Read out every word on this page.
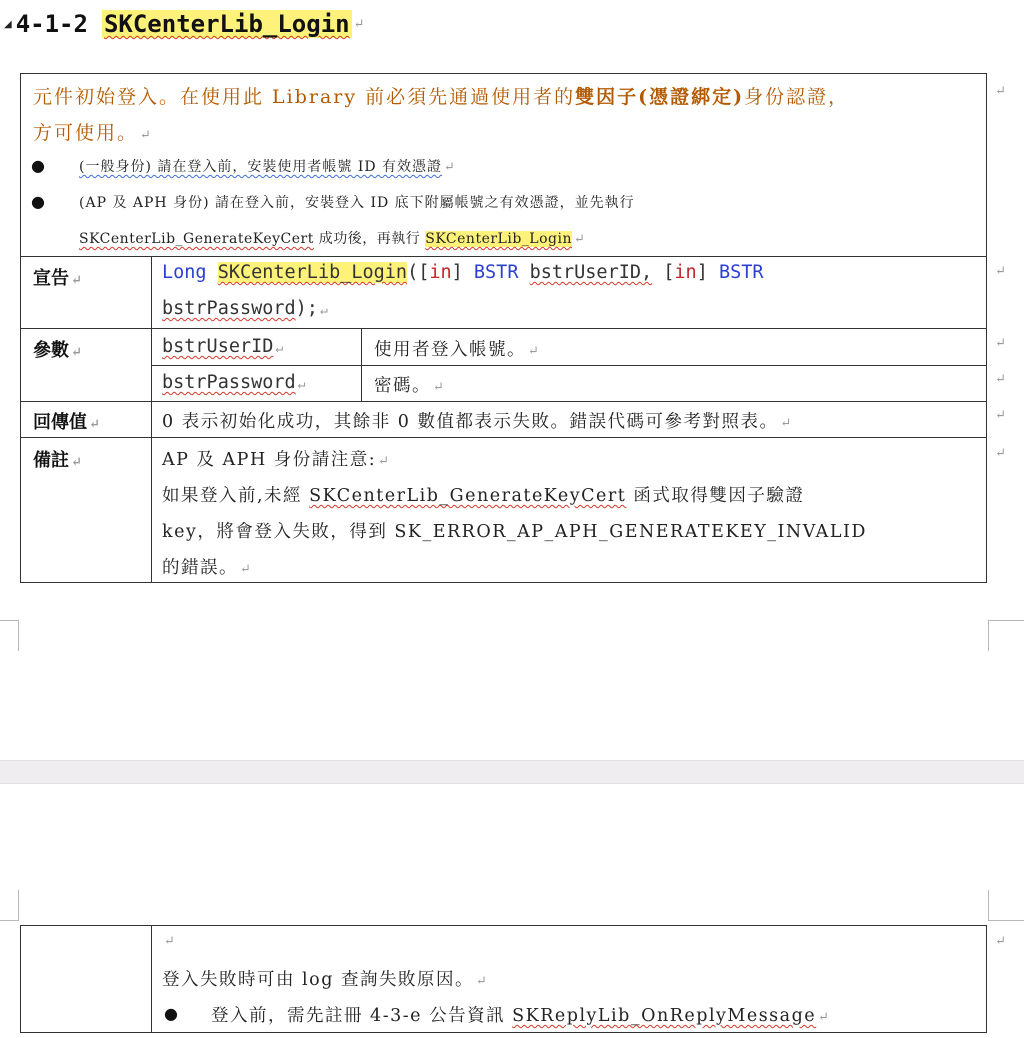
◢ 4-1-2 SKCenterLib_Login ↵
元件初始登入。在使用此 Library 前必須先通過使用者的雙因子(憑證綁定)身份認證，
方可使用。 ↵
● (一般身份) 請在登入前，安裝使用者帳號 ID 有效憑證 ↵
● (AP 及 APH 身份) 請在登入前，安裝登入 ID 底下附屬帳號之有效憑證，並先執行
SKCenterLib_GenerateKeyCert 成功後，再執行 SKCenterLib_Login ↵
↵
宣告 ↵	Long SKCenterLib_Login([in] BSTR bstrUserID, [in] BSTR
bstrPassword); ↵
↵
參數 ↵	bstrUserID ↵	使用者登入帳號。 ↵
bstrPassword ↵	密碼。 ↵
↵
↵
回傳值 ↵	0 表示初始化成功，其餘非 0 數值都表示失敗。錯誤代碼可參考對照表。 ↵
↵
備註 ↵	AP 及 APH 身份請注意: ↵
如果登入前,未經 SKCenterLib_GenerateKeyCert 函式取得雙因子驗證
key，將會登入失敗，得到 SK_ERROR_AP_APH_GENERATEKEY_INVALID
的錯誤。 ↵
↵
↵
登入失敗時可由 log 查詢失敗原因。 ↵
● 登入前，需先註冊 4-3-e 公告資訊 SKReplyLib_OnReplyMessage ↵
↵
